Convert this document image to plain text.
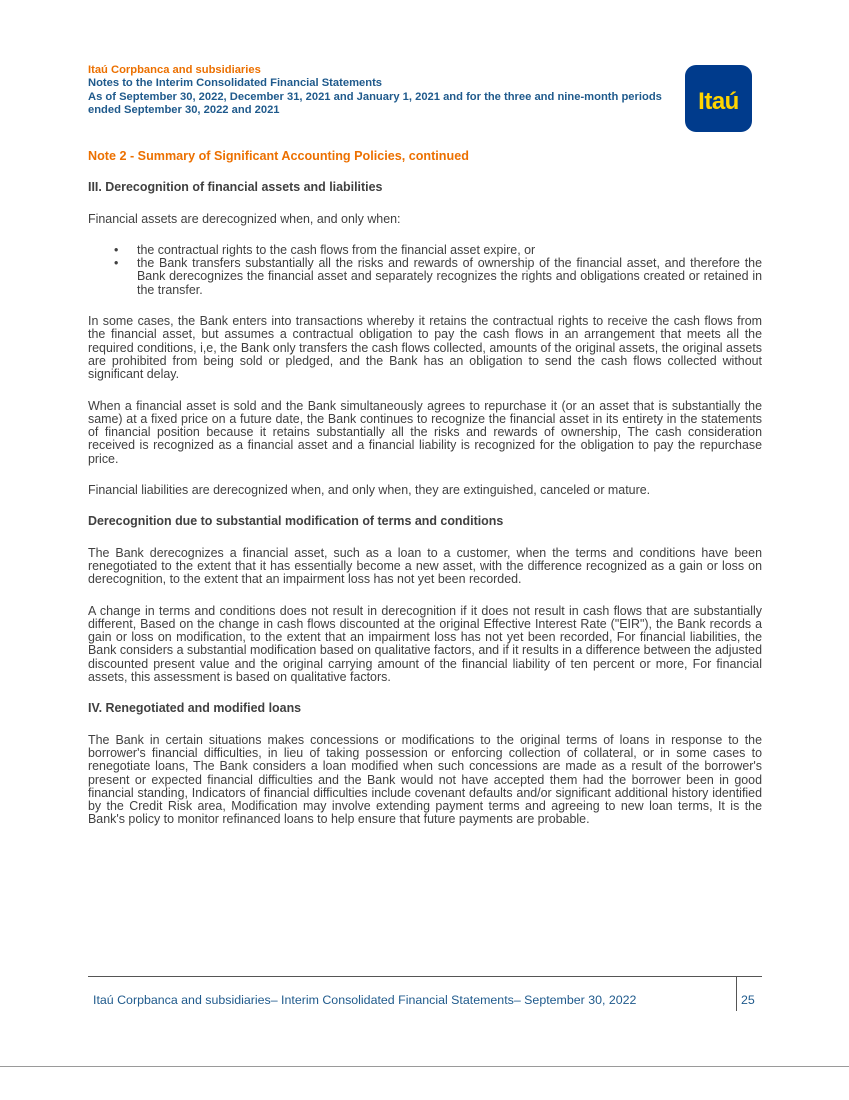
Itaú Corpbanca and subsidiaries
Notes to the Interim Consolidated Financial Statements
As of September 30, 2022, December 31, 2021 and January 1, 2021 and for the three and nine-month periods ended September 30, 2022 and 2021	Itaú
Note 2 - Summary of Significant Accounting Policies, continued
III. Derecognition of financial assets and liabilities

Financial assets are derecognized when, and only when:

• the contractual rights to the cash flows from the financial asset expire, or
• the Bank transfers substantially all the risks and rewards of ownership of the financial asset, and therefore the Bank derecognizes the financial asset and separately recognizes the rights and obligations created or retained in the transfer.

In some cases, the Bank enters into transactions whereby it retains the contractual rights to receive the cash flows from the financial asset, but assumes a contractual obligation to pay the cash flows in an arrangement that meets all the required conditions, i,e, the Bank only transfers the cash flows collected, amounts of the original assets, the original assets are prohibited from being sold or pledged, and the Bank has an obligation to send the cash flows collected without significant delay.

When a financial asset is sold and the Bank simultaneously agrees to repurchase it (or an asset that is substantially the same) at a fixed price on a future date, the Bank continues to recognize the financial asset in its entirety in the statements of financial position because it retains substantially all the risks and rewards of ownership, The cash consideration received is recognized as a financial asset and a financial liability is recognized for the obligation to pay the repurchase price.

Financial liabilities are derecognized when, and only when, they are extinguished, canceled or mature.

Derecognition due to substantial modification of terms and conditions

The Bank derecognizes a financial asset, such as a loan to a customer, when the terms and conditions have been renegotiated to the extent that it has essentially become a new asset, with the difference recognized as a gain or loss on derecognition, to the extent that an impairment loss has not yet been recorded.

A change in terms and conditions does not result in derecognition if it does not result in cash flows that are substantially different, Based on the change in cash flows discounted at the original Effective Interest Rate ("EIR"), the Bank records a gain or loss on modification, to the extent that an impairment loss has not yet been recorded, For financial liabilities, the Bank considers a substantial modification based on qualitative factors, and if it results in a difference between the adjusted discounted present value and the original carrying amount of the financial liability of ten percent or more, For financial assets, this assessment is based on qualitative factors.

IV. Renegotiated and modified loans

The Bank in certain situations makes concessions or modifications to the original terms of loans in response to the borrower's financial difficulties, in lieu of taking possession or enforcing collection of collateral, or in some cases to renegotiate loans, The Bank considers a loan modified when such concessions are made as a result of the borrower's present or expected financial difficulties and the Bank would not have accepted them had the borrower been in good financial standing, Indicators of financial difficulties include covenant defaults and/or significant additional history identified by the Credit Risk area, Modification may involve extending payment terms and agreeing to new loan terms, It is the Bank's policy to monitor refinanced loans to help ensure that future payments are probable.

Itaú Corpbanca and subsidiaries– Interim Consolidated Financial Statements– September 30, 2022	25
